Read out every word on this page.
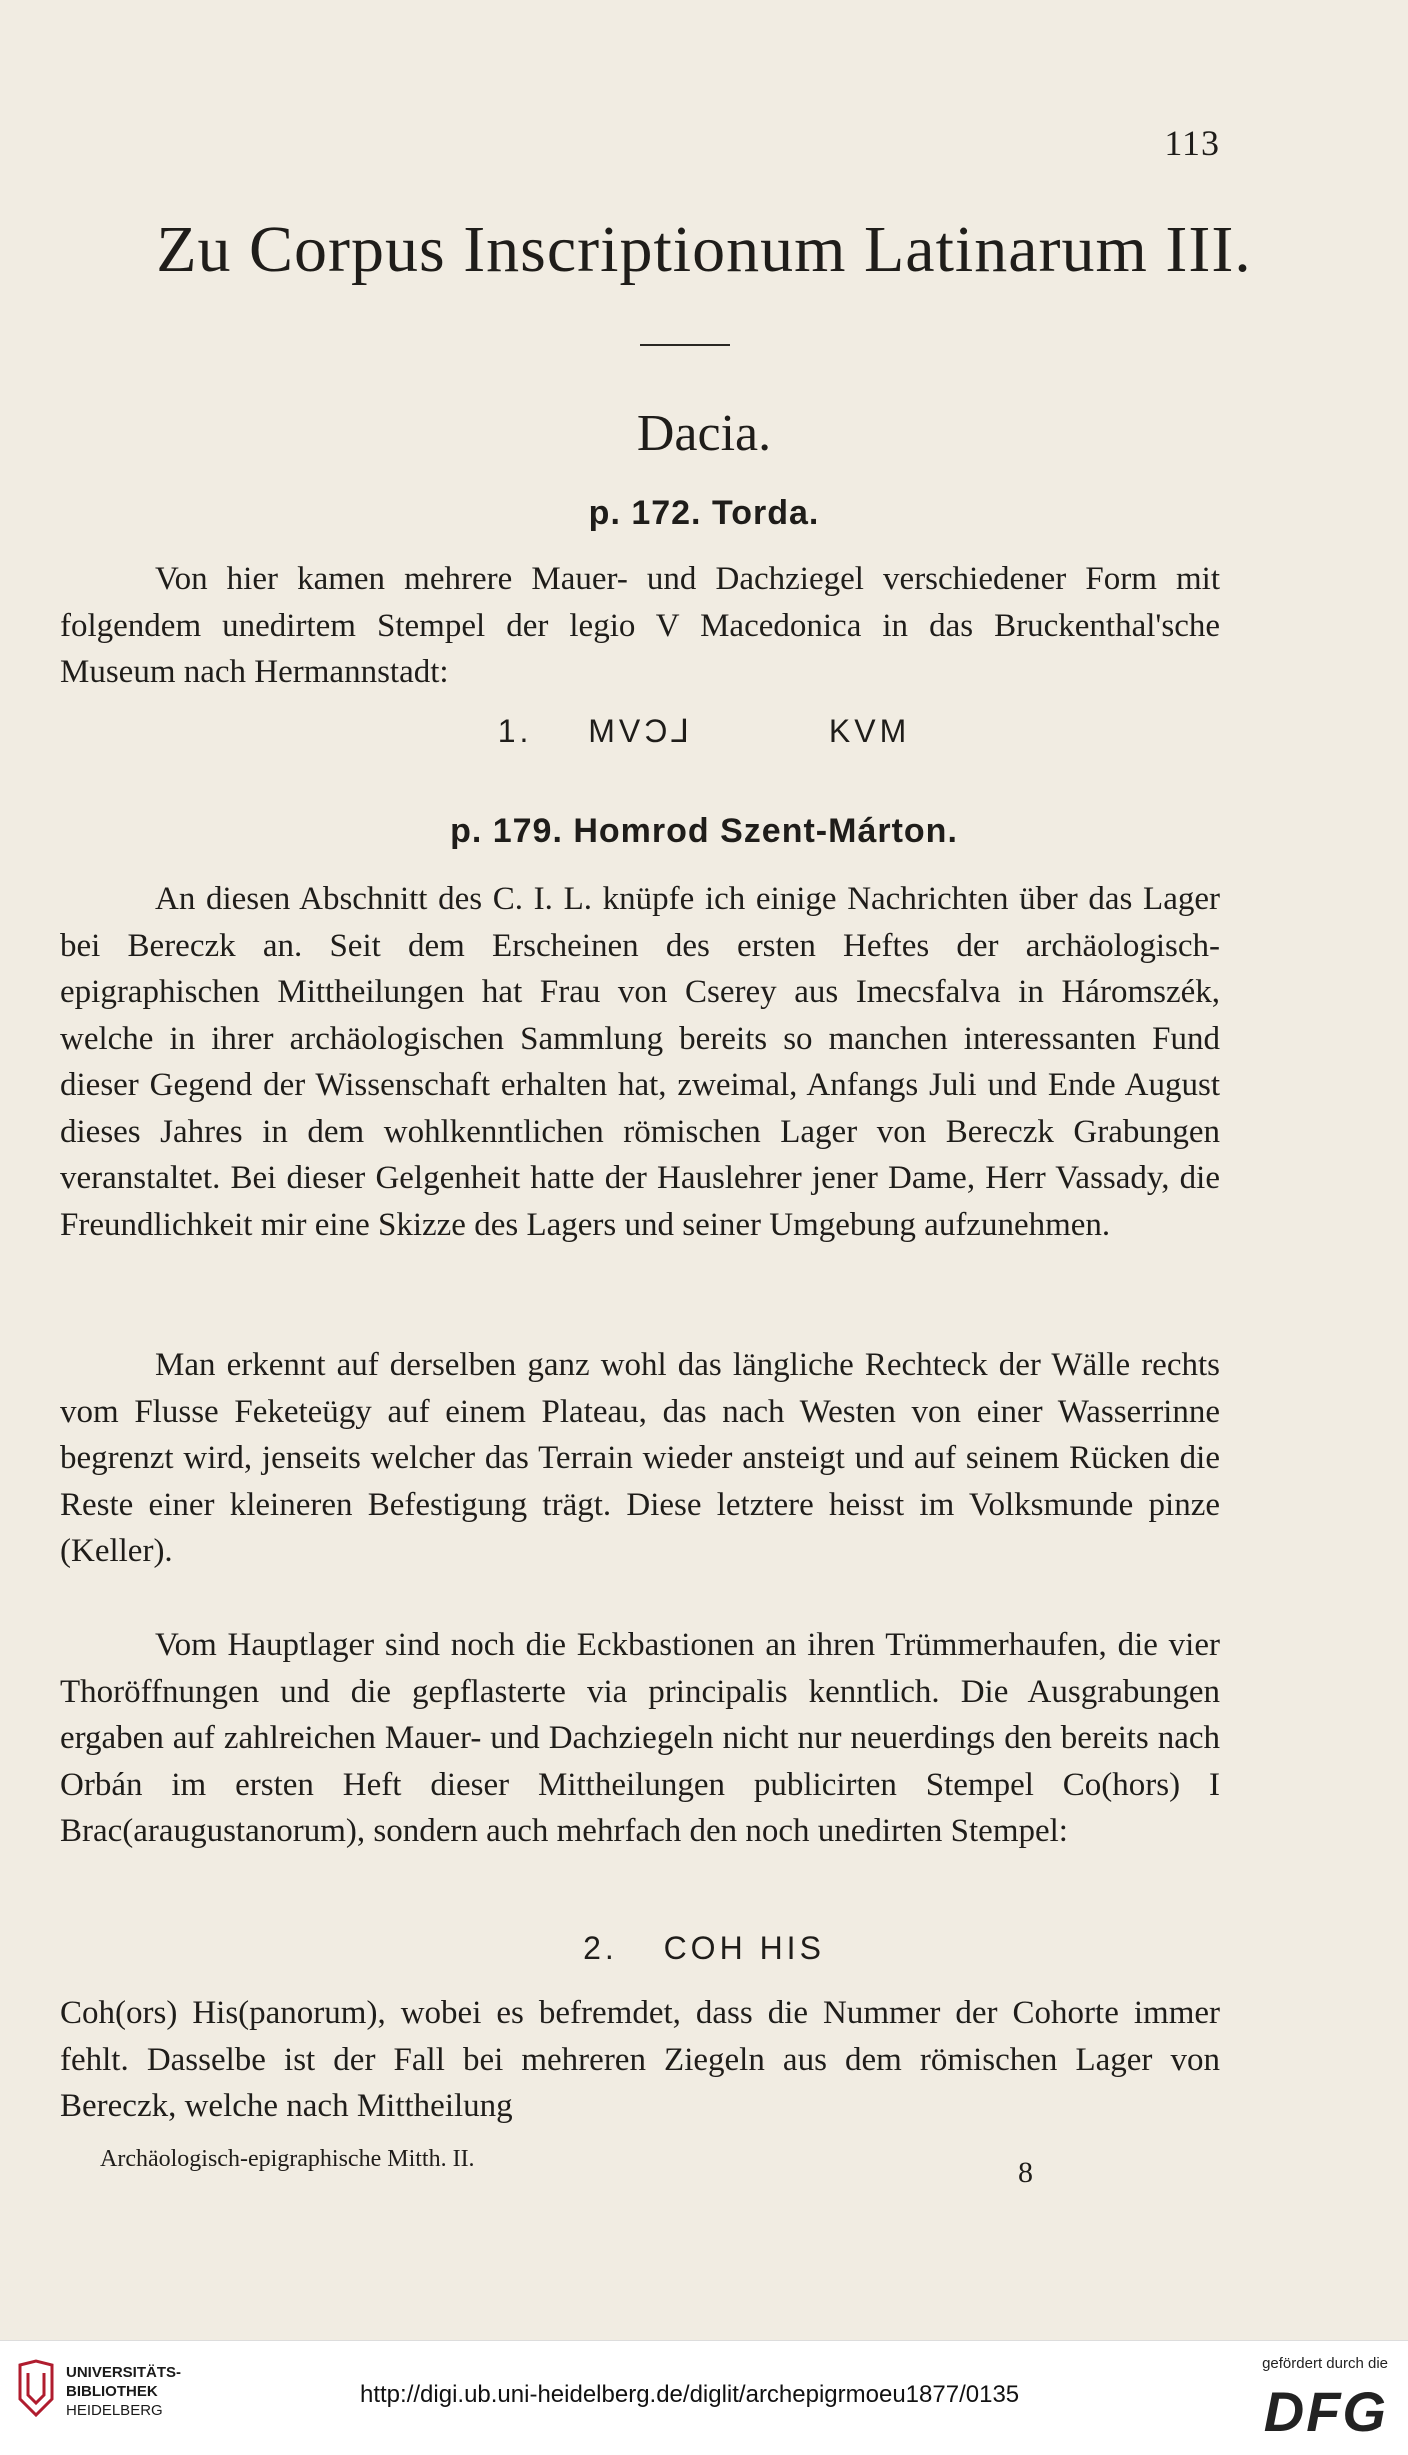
113
Zu Corpus Inscriptionum Latinarum III.
Dacia.
p. 172. Torda.

Von hier kamen mehrere Mauer- und Dachziegel verschiedener Form mit folgendem unedirtem Stempel der legio V Macedonica in das Bruckenthal'sche Museum nach Hermannstadt:

1. MVϽ⅃	KVM
p. 179. Homrod Szent-Márton.

An diesen Abschnitt des C. I. L. knüpfe ich einige Nachrichten über das Lager bei Bereczk an. Seit dem Erscheinen des ersten Heftes der archäologisch-epigraphischen Mittheilungen hat Frau von Cserey aus Imecsfalva in Háromszék, welche in ihrer archäologischen Sammlung bereits so manchen interessanten Fund dieser Gegend der Wissenschaft erhalten hat, zweimal, Anfangs Juli und Ende August dieses Jahres in dem wohlkenntlichen römischen Lager von Bereczk Grabungen veranstaltet. Bei dieser Gelgenheit hatte der Hauslehrer jener Dame, Herr Vassady, die Freundlichkeit mir eine Skizze des Lagers und seiner Umgebung aufzunehmen.

Man erkennt auf derselben ganz wohl das längliche Rechteck der Wälle rechts vom Flusse Feketeügy auf einem Plateau, das nach Westen von einer Wasserrinne begrenzt wird, jenseits welcher das Terrain wieder ansteigt und auf seinem Rücken die Reste einer kleineren Befestigung trägt. Diese letztere heisst im Volksmunde pinze (Keller).

Vom Hauptlager sind noch die Eckbastionen an ihren Trümmerhaufen, die vier Thoröffnungen und die gepflasterte via principalis kenntlich. Die Ausgrabungen ergaben auf zahlreichen Mauer- und Dachziegeln nicht nur neuerdings den bereits nach Orbán im ersten Heft dieser Mittheilungen publicirten Stempel Co(hors) I Brac(araugustanorum), sondern auch mehrfach den noch unedirten Stempel:

2. COH HIS

Coh(ors) His(panorum), wobei es befremdet, dass die Nummer der Cohorte immer fehlt. Dasselbe ist der Fall bei mehreren Ziegeln aus dem römischen Lager von Bereczk, welche nach Mittheilung

Archäologisch-epigraphische Mitth. II.	8
UNIVERSITÄTS-
BIBLIOTHEK
HEIDELBERG
http://digi.ub.uni-heidelberg.de/diglit/archepigrmoeu1877/0135
gefördert durch die
DFG
